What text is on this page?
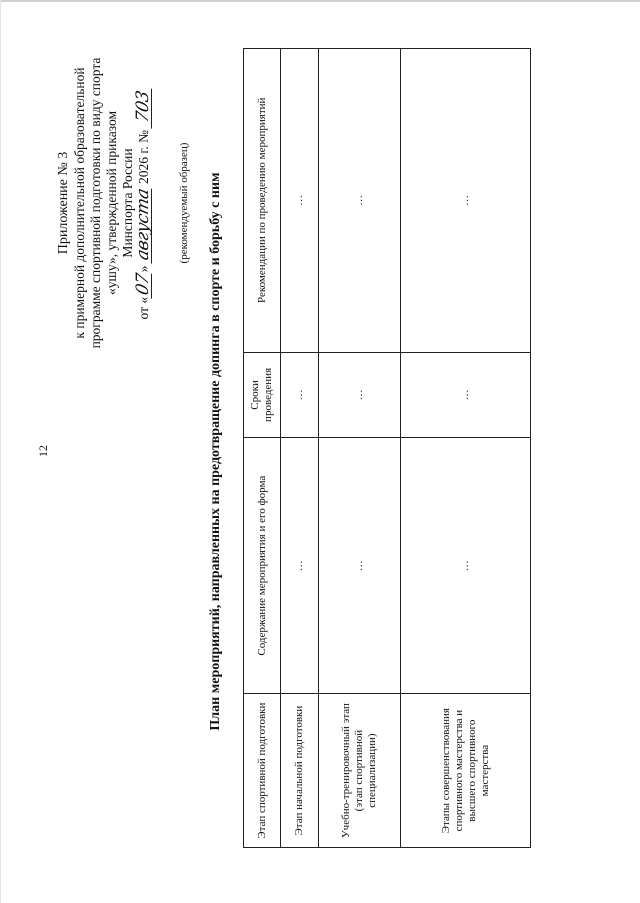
12
Приложение № 3 к примерной дополнительной образовательной программе спортивной подготовки по виду спорта «ушу», утвержденной приказом Минспорта России
от «07» августа 2026 г. № 703
(рекомендуемый образец) План мероприятий, направленных на предотвращение допинга в спорте и борьбу с ним
Этап спортивной подготовки	Содержание мероприятия и его форма	Сроки проведения	Рекомендации по проведению мероприятий
Этап начальной подготовки	…	…	…
Учебно-тренировочный этап (этап спортивной специализации)	…	…	…
Этапы совершенствования спортивного мастерства и высшего спортивного мастерства	…	…	…
